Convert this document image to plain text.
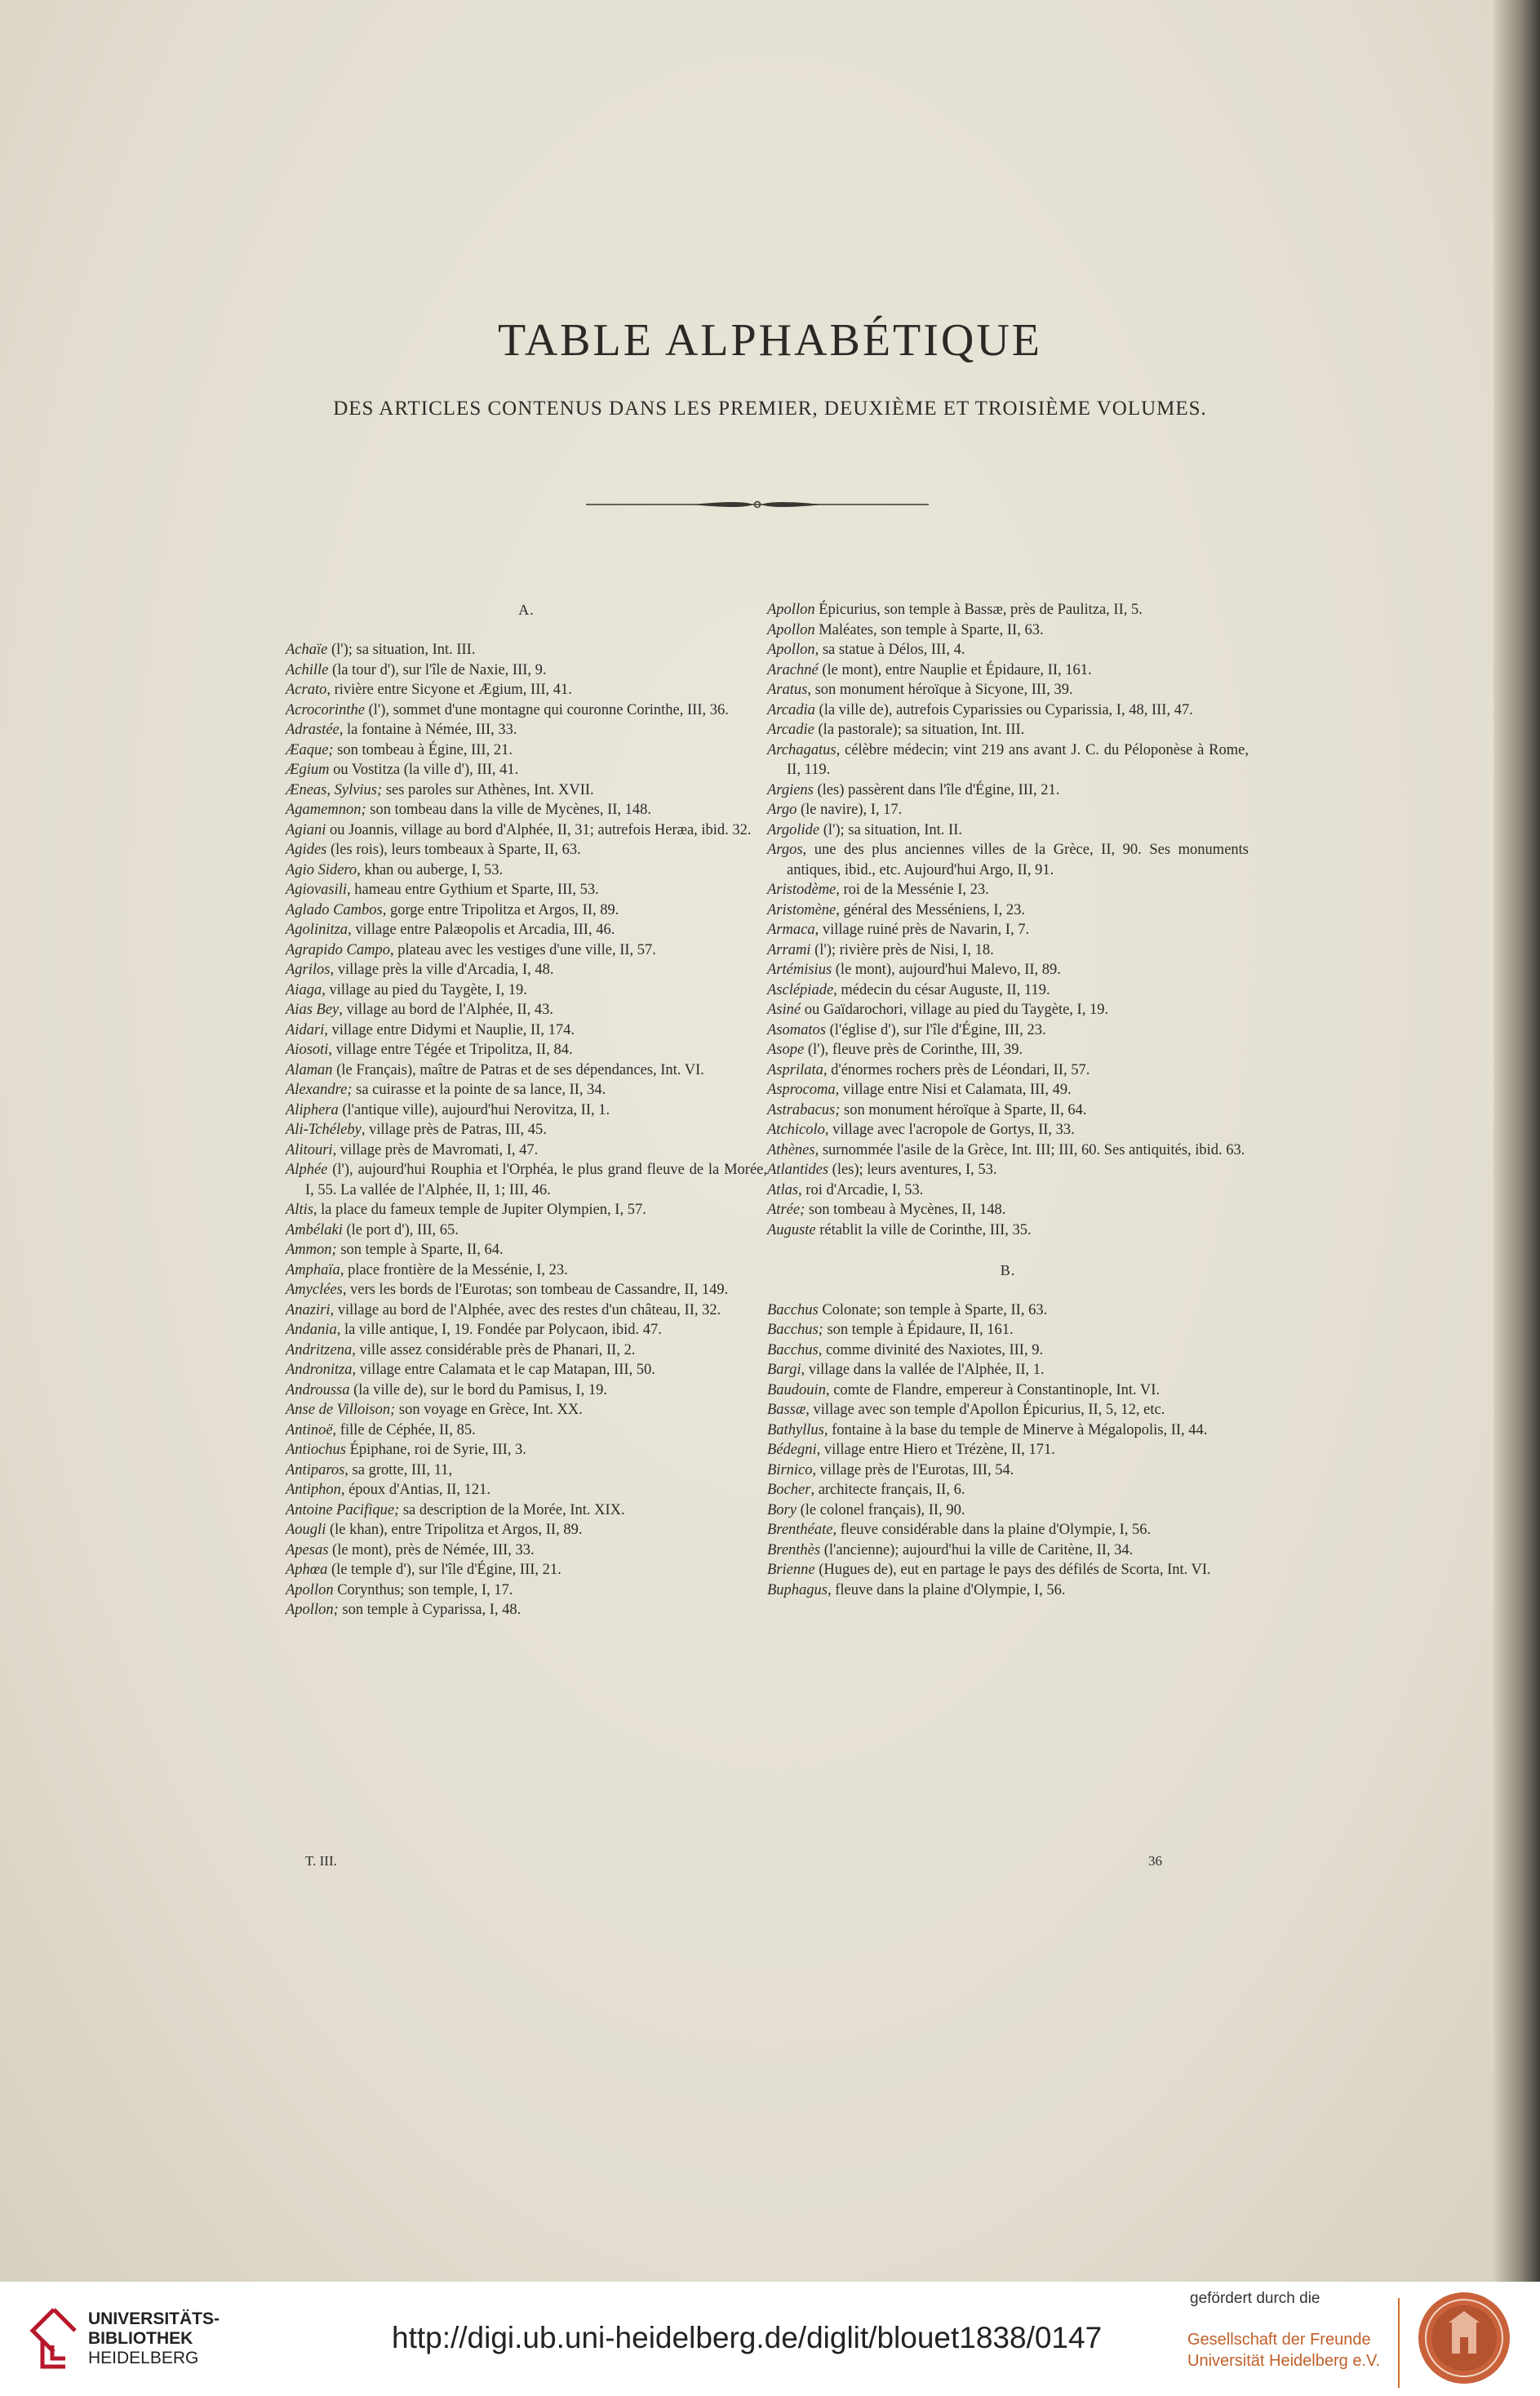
TABLE ALPHABÉTIQUE
DES ARTICLES CONTENUS DANS LES PREMIER, DEUXIÈME ET TROISIÈME VOLUMES.
A.
Achaïe (l'); sa situation, Int. III.
Achille (la tour d'), sur l'île de Naxie, III, 9.
Acrato, rivière entre Sicyone et Ægium, III, 41.
Acrocorinthe (l'), sommet d'une montagne qui couronne Corinthe, III, 36.
Adrastée, la fontaine à Némée, III, 33.
Æaque; son tombeau à Égine, III, 21.
Ægium ou Vostitza (la ville d'), III, 41.
Æneas, Sylvius; ses paroles sur Athènes, Int. XVII.
Agamemnon; son tombeau dans la ville de Mycènes, II, 148.
Agiani ou Joannis, village au bord d'Alphée, II, 31; autrefois Heræa, ibid. 32.
Agides (les rois), leurs tombeaux à Sparte, II, 63.
Agio Sidero, khan ou auberge, I, 53.
Agiovasili, hameau entre Gythium et Sparte, III, 53.
Aglado Cambos, gorge entre Tripolitza et Argos, II, 89.
Agolinitza, village entre Palæopolis et Arcadia, III, 46.
Agrapido Campo, plateau avec les vestiges d'une ville, II, 57.
Agrilos, village près la ville d'Arcadia, I, 48.
Aiaga, village au pied du Taygète, I, 19.
Aias Bey, village au bord de l'Alphée, II, 43.
Aidari, village entre Didymi et Nauplie, II, 174.
Aiosoti, village entre Tégée et Tripolitza, II, 84.
Alaman (le Français), maître de Patras et de ses dépendances, Int. VI.
Alexandre; sa cuirasse et la pointe de sa lance, II, 34.
Aliphera (l'antique ville), aujourd'hui Nerovitza, II, 1.
Ali-Tchéleby, village près de Patras, III, 45.
Alitouri, village près de Mavromati, I, 47.
Alphée (l'), aujourd'hui Rouphia et l'Orphéa, le plus grand fleuve de la Morée, I, 55. La vallée de l'Alphée, II, 1; III, 46.
Altis, la place du fameux temple de Jupiter Olympien, I, 57.
Ambélaki (le port d'), III, 65.
Ammon; son temple à Sparte, II, 64.
Amphaïa, place frontière de la Messénie, I, 23.
Amyclées, vers les bords de l'Eurotas; son tombeau de Cassandre, II, 149.
Anaziri, village au bord de l'Alphée, avec des restes d'un château, II, 32.
Andania, la ville antique, I, 19. Fondée par Polycaon, ibid. 47.
Andritzena, ville assez considérable près de Phanari, II, 2.
Andronitza, village entre Calamata et le cap Matapan, III, 50.
Androussa (la ville de), sur le bord du Pamisus, I, 19.
Anse de Villoison; son voyage en Grèce, Int. XX.
Antinoë, fille de Céphée, II, 85.
Antiochus Épiphane, roi de Syrie, III, 3.
Antiparos, sa grotte, III, 11,
Antiphon, époux d'Antias, II, 121.
Antoine Pacifique; sa description de la Morée, Int. XIX.
Aougli (le khan), entre Tripolitza et Argos, II, 89.
Apesas (le mont), près de Némée, III, 33.
Aphœa (le temple d'), sur l'île d'Égine, III, 21.
Apollon Corynthus; son temple, I, 17.
Apollon; son temple à Cyparissa, I, 48.
Apollon Épicurius, son temple à Bassæ, près de Paulitza, II, 5.
Apollon Maléates, son temple à Sparte, II, 63.
Apollon, sa statue à Délos, III, 4.
Arachné (le mont), entre Nauplie et Épidaure, II, 161.
Aratus, son monument héroïque à Sicyone, III, 39.
Arcadia (la ville de), autrefois Cyparissies ou Cyparissia, I, 48, III, 47.
Arcadie (la pastorale); sa situation, Int. III.
Archagatus, célèbre médecin; vint 219 ans avant J. C. du Péloponèse à Rome, II, 119.
Argiens (les) passèrent dans l'île d'Égine, III, 21.
Argo (le navire), I, 17.
Argolide (l'); sa situation, Int. II.
Argos, une des plus anciennes villes de la Grèce, II, 90. Ses monuments antiques, ibid., etc. Aujourd'hui Argo, II, 91.
Aristodème, roi de la Messénie I, 23.
Aristomène, général des Messéniens, I, 23.
Armaca, village ruiné près de Navarin, I, 7.
Arrami (l'); rivière près de Nisi, I, 18.
Artémisius (le mont), aujourd'hui Malevo, II, 89.
Asclépiade, médecin du césar Auguste, II, 119.
Asiné ou Gaïdarochori, village au pied du Taygète, I, 19.
Asomatos (l'église d'), sur l'île d'Égine, III, 23.
Asope (l'), fleuve près de Corinthe, III, 39.
Asprilata, d'énormes rochers près de Léondari, II, 57.
Asprocoma, village entre Nisi et Calamata, III, 49.
Astrabacus; son monument héroïque à Sparte, II, 64.
Atchicolo, village avec l'acropole de Gortys, II, 33.
Athènes, surnommée l'asile de la Grèce, Int. III; III, 60. Ses antiquités, ibid. 63.
Atlantides (les); leurs aventures, I, 53.
Atlas, roi d'Arcadie, I, 53.
Atrée; son tombeau à Mycènes, II, 148.
Auguste rétablit la ville de Corinthe, III, 35.
B.
Bacchus Colonate; son temple à Sparte, II, 63.
Bacchus; son temple à Épidaure, II, 161.
Bacchus, comme divinité des Naxiotes, III, 9.
Bargi, village dans la vallée de l'Alphée, II, 1.
Baudouin, comte de Flandre, empereur à Constantinople, Int. VI.
Bassæ, village avec son temple d'Apollon Épicurius, II, 5, 12, etc.
Bathyllus, fontaine à la base du temple de Minerve à Mégalopolis, II, 44.
Bédegni, village entre Hiero et Trézène, II, 171.
Birnico, village près de l'Eurotas, III, 54.
Bocher, architecte français, II, 6.
Bory (le colonel français), II, 90.
Brenthéate, fleuve considérable dans la plaine d'Olympie, I, 56.
Brenthès (l'ancienne); aujourd'hui la ville de Caritène, II, 34.
Brienne (Hugues de), eut en partage le pays des défilés de Scorta, Int. VI.
Buphagus, fleuve dans la plaine d'Olympie, I, 56.
T. III.	36
UNIVERSITÄTS-
BIBLIOTHEK
HEIDELBERG
http://digi.ub.uni-heidelberg.de/diglit/blouet1838/0147
gefördert durch die
Gesellschaft der Freunde
Universität Heidelberg e.V.
